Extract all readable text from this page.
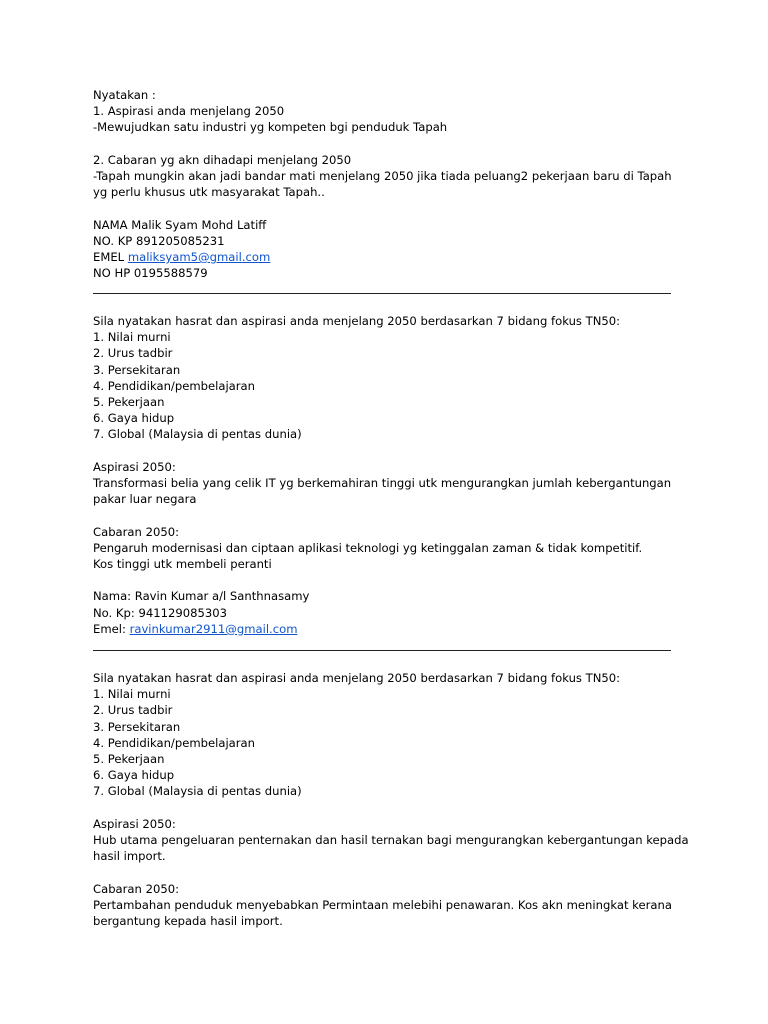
Nyatakan :
1. Aspirasi anda menjelang 2050
-Mewujudkan satu industri yg kompeten bgi penduduk Tapah

2. Cabaran yg akn dihadapi menjelang 2050
-Tapah mungkin akan jadi bandar mati menjelang 2050 jika tiada peluang2 pekerjaan baru di Tapah
yg perlu khusus utk masyarakat Tapah..

NAMA Malik Syam Mohd Latiff
NO. KP 891205085231
EMEL maliksyam5@gmail.com
NO HP 0195588579
Sila nyatakan hasrat dan aspirasi anda menjelang 2050 berdasarkan 7 bidang fokus TN50:
1. Nilai murni
2. Urus tadbir
3. Persekitaran
4. Pendidikan/pembelajaran
5. Pekerjaan
6. Gaya hidup
7. Global (Malaysia di pentas dunia)

Aspirasi 2050:
Transformasi belia yang celik IT yg berkemahiran tinggi utk mengurangkan jumlah kebergantungan
pakar luar negara

Cabaran 2050:
Pengaruh modernisasi dan ciptaan aplikasi teknologi yg ketinggalan zaman & tidak kompetitif.
Kos tinggi utk membeli peranti

Nama: Ravin Kumar a/l Santhnasamy
No. Kp: 941129085303
Emel: ravinkumar2911@gmail.com
Sila nyatakan hasrat dan aspirasi anda menjelang 2050 berdasarkan 7 bidang fokus TN50:
1. Nilai murni
2. Urus tadbir
3. Persekitaran
4. Pendidikan/pembelajaran
5. Pekerjaan
6. Gaya hidup
7. Global (Malaysia di pentas dunia)

Aspirasi 2050:
Hub utama pengeluaran penternakan dan hasil ternakan bagi mengurangkan kebergantungan kepada
hasil import.

Cabaran 2050:
Pertambahan penduduk menyebabkan Permintaan melebihi penawaran. Kos akn meningkat kerana
bergantung kepada hasil import.
